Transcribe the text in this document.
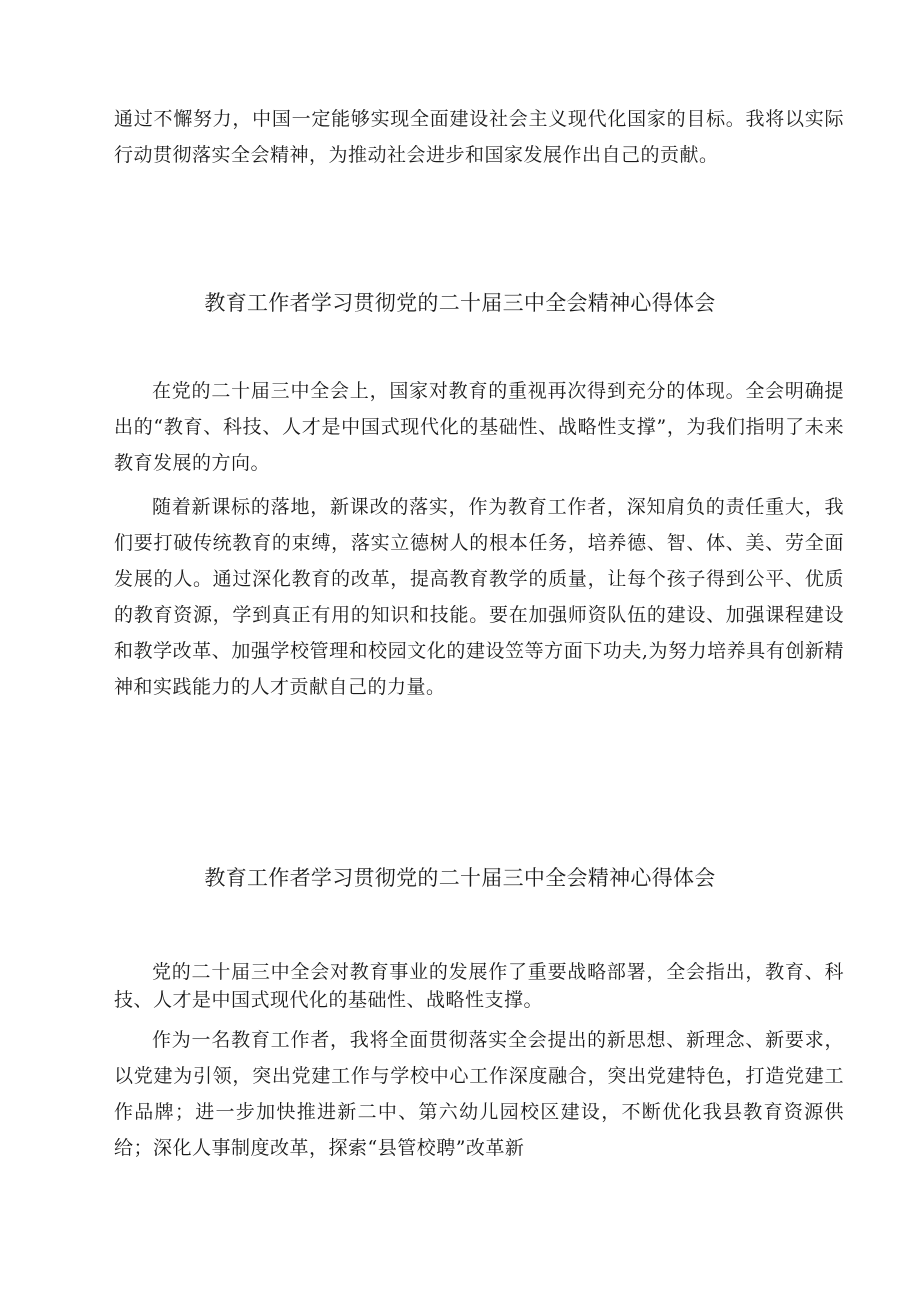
通过不懈努力，中国一定能够实现全面建设社会主义现代化国家的目标。我将以实际行动贯彻落实全会精神，为推动社会进步和国家发展作出自己的贡献。

教育工作者学习贯彻党的二十届三中全会精神心得体会

在党的二十届三中全会上，国家对教育的重视再次得到充分的体现。全会明确提出的“教育、科技、人才是中国式现代化的基础性、战略性支撑”，为我们指明了未来教育发展的方向。

随着新课标的落地，新课改的落实，作为教育工作者，深知肩负的责任重大，我们要打破传统教育的束缚，落实立德树人的根本任务，培养德、智、体、美、劳全面发展的人。通过深化教育的改革，提高教育教学的质量，让每个孩子得到公平、优质的教育资源，学到真正有用的知识和技能。要在加强师资队伍的建设、加强课程建设和教学改革、加强学校管理和校园文化的建设笠等方面下功夫,为努力培养具有创新精神和实践能力的人才贡献自己的力量。

教育工作者学习贯彻党的二十届三中全会精神心得体会

党的二十届三中全会对教育事业的发展作了重要战略部署，全会指出，教育、科技、人才是中国式现代化的基础性、战略性支撑。

作为一名教育工作者，我将全面贯彻落实全会提出的新思想、新理念、新要求，以党建为引领，突出党建工作与学校中心工作深度融合，突出党建特色，打造党建工作品牌；进一步加快推进新二中、第六幼儿园校区建设，不断优化我县教育资源供给；深化人事制度改革，探索“县管校聘”改革新
